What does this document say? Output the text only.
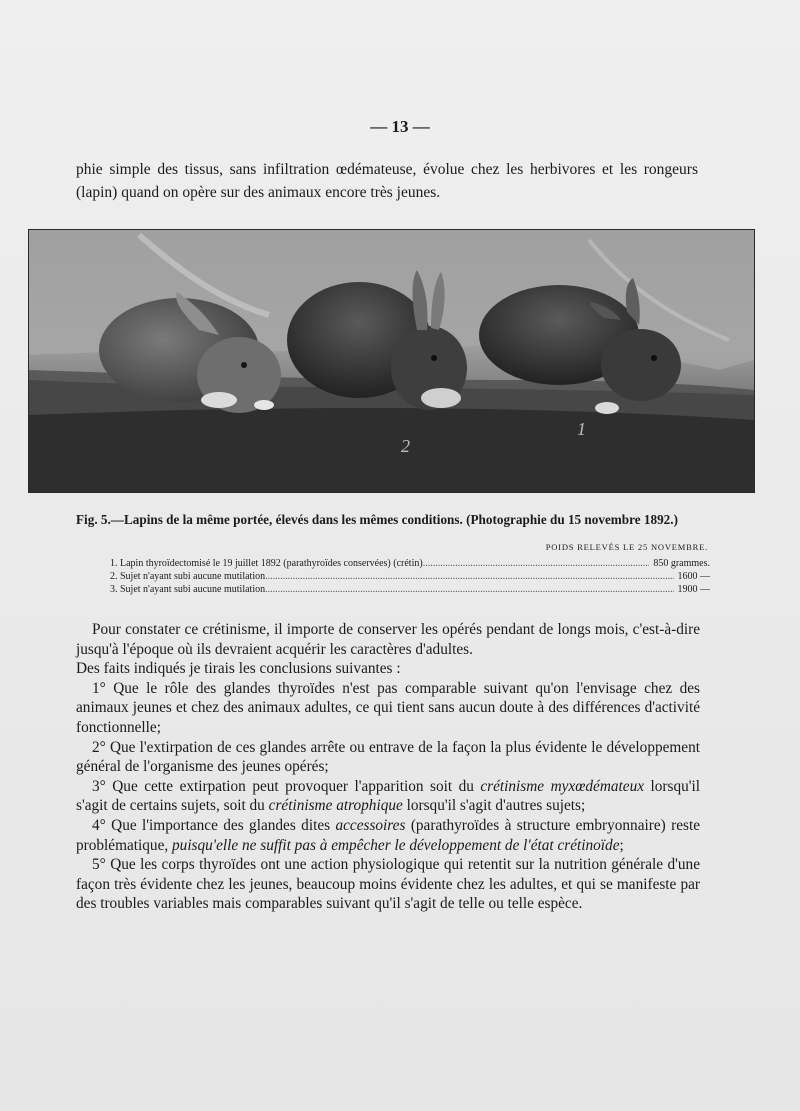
— 13 —
phie simple des tissus, sans infiltration œdémateuse, évolue chez les herbivores et les rongeurs (lapin) quand on opère sur des animaux encore très jeunes.
2
1
Fig. 5.—Lapins de la même portée, élevés dans les mêmes conditions. (Photographie du 15 novembre 1892.)
POIDS RELEVÉS LE 25 NOVEMBRE.
1. Lapin thyroïdectomisé le 19 juillet 1892 (parathyroïdes conservées) (crétin) .....	850 grammes.
2. Sujet n'ayant subi aucune mutilation .....	1600 —
3. Sujet n'ayant subi aucune mutilation .....	1900 —

Pour constater ce crétinisme, il importe de conserver les opérés pendant de longs mois, c'est-à-dire jusqu'à l'époque où ils devraient acquérir les caractères d'adultes.

Des faits indiqués je tirais les conclusions suivantes :

1° Que le rôle des glandes thyroïdes n'est pas comparable suivant qu'on l'envisage chez des animaux jeunes et chez des animaux adultes, ce qui tient sans aucun doute à des différences d'activité fonctionnelle;

2° Que l'extirpation de ces glandes arrête ou entrave de la façon la plus évidente le développement général de l'organisme des jeunes opérés;

3° Que cette extirpation peut provoquer l'apparition soit du crétinisme myxœdémateux lorsqu'il s'agit de certains sujets, soit du crétinisme atrophique lorsqu'il s'agit d'autres sujets;

4° Que l'importance des glandes dites accessoires (parathyroïdes à structure embryonnaire) reste problématique, puisqu'elle ne suffit pas à empêcher le développement de l'état crétinoïde;

5° Que les corps thyroïdes ont une action physiologique qui retentit sur la nutrition générale d'une façon très évidente chez les jeunes, beaucoup moins évidente chez les adultes, et qui se manifeste par des troubles variables mais comparables suivant qu'il s'agit de telle ou telle espèce.
